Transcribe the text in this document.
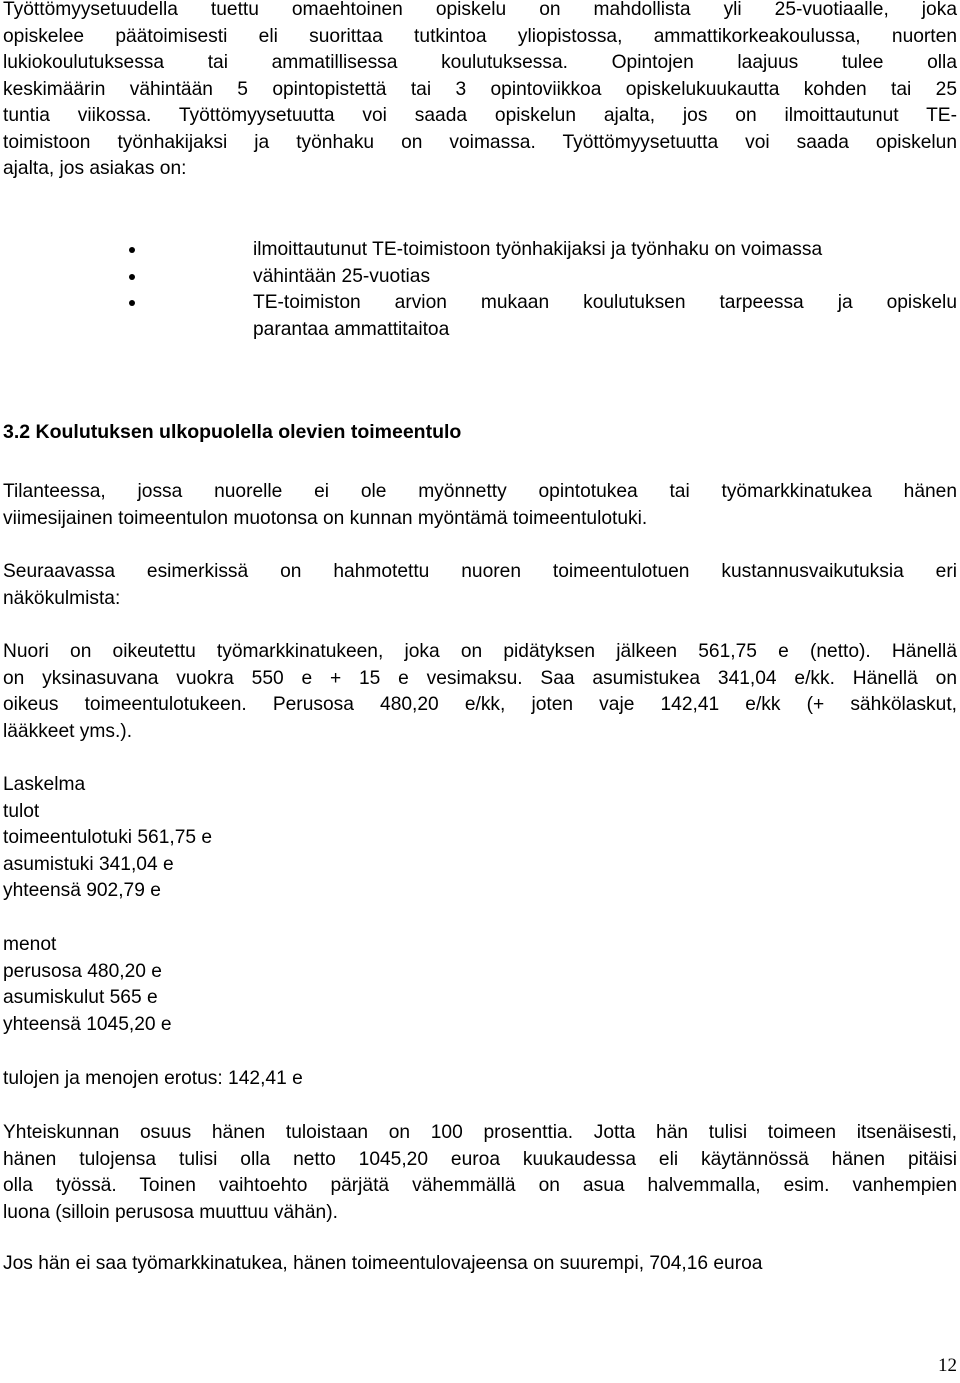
Työttömyysetuudella tuettu omaehtoinen opiskelu on mahdollista yli 25-vuotiaalle, joka
opiskelee päätoimisesti eli suorittaa tutkintoa yliopistossa, ammattikorkeakoulussa, nuorten
lukiokoulutuksessa tai ammatillisessa koulutuksessa. Opintojen laajuus tulee olla
keskimäärin vähintään 5 opintopistettä tai 3 opintoviikkoa opiskelukuukautta kohden tai 25
tuntia viikossa. Työttömyysetuutta voi saada opiskelun ajalta, jos on ilmoittautunut TE-
toimistoon työnhakijaksi ja työnhaku on voimassa. Työttömyysetuutta voi saada opiskelun
ajalta, jos asiakas on:
ilmoittautunut TE-toimistoon työnhakijaksi ja työnhaku on voimassa
vähintään 25-vuotias
TE-toimiston arvion mukaan koulutuksen tarpeessa ja opiskelu
parantaa ammattitaitoa
3.2 Koulutuksen ulkopuolella olevien toimeentulo
Tilanteessa, jossa nuorelle ei ole myönnetty opintotukea tai työmarkkinatukea hänen
viimesijainen toimeentulon muotonsa on kunnan myöntämä toimeentulotuki.
Seuraavassa esimerkissä on hahmotettu nuoren toimeentulotuen kustannusvaikutuksia eri
näkökulmista:
Nuori on oikeutettu työmarkkinatukeen, joka on pidätyksen jälkeen 561,75 e (netto). Hänellä
on yksinasuvana vuokra 550 e + 15 e vesimaksu. Saa asumistukea 341,04 e/kk. Hänellä on
oikeus toimeentulotukeen. Perusosa 480,20 e/kk, joten vaje 142,41 e/kk (+ sähkölaskut,
lääkkeet yms.).
Laskelma
tulot
toimeentulotuki 561,75 e
asumistuki 341,04 e
yhteensä 902,79 e
menot
perusosa 480,20 e
asumiskulut 565 e
yhteensä 1045,20 e
tulojen ja menojen erotus: 142,41 e
Yhteiskunnan osuus hänen tuloistaan on 100 prosenttia. Jotta hän tulisi toimeen itsenäisesti,
hänen tulojensa tulisi olla netto 1045,20 euroa kuukaudessa eli käytännössä hänen pitäisi
olla työssä. Toinen vaihtoehto pärjätä vähemmällä on asua halvemmalla, esim. vanhempien
luona (silloin perusosa muuttuu vähän).
Jos hän ei saa työmarkkinatukea, hänen toimeentulovajeensa on suurempi, 704,16 euroa
12
